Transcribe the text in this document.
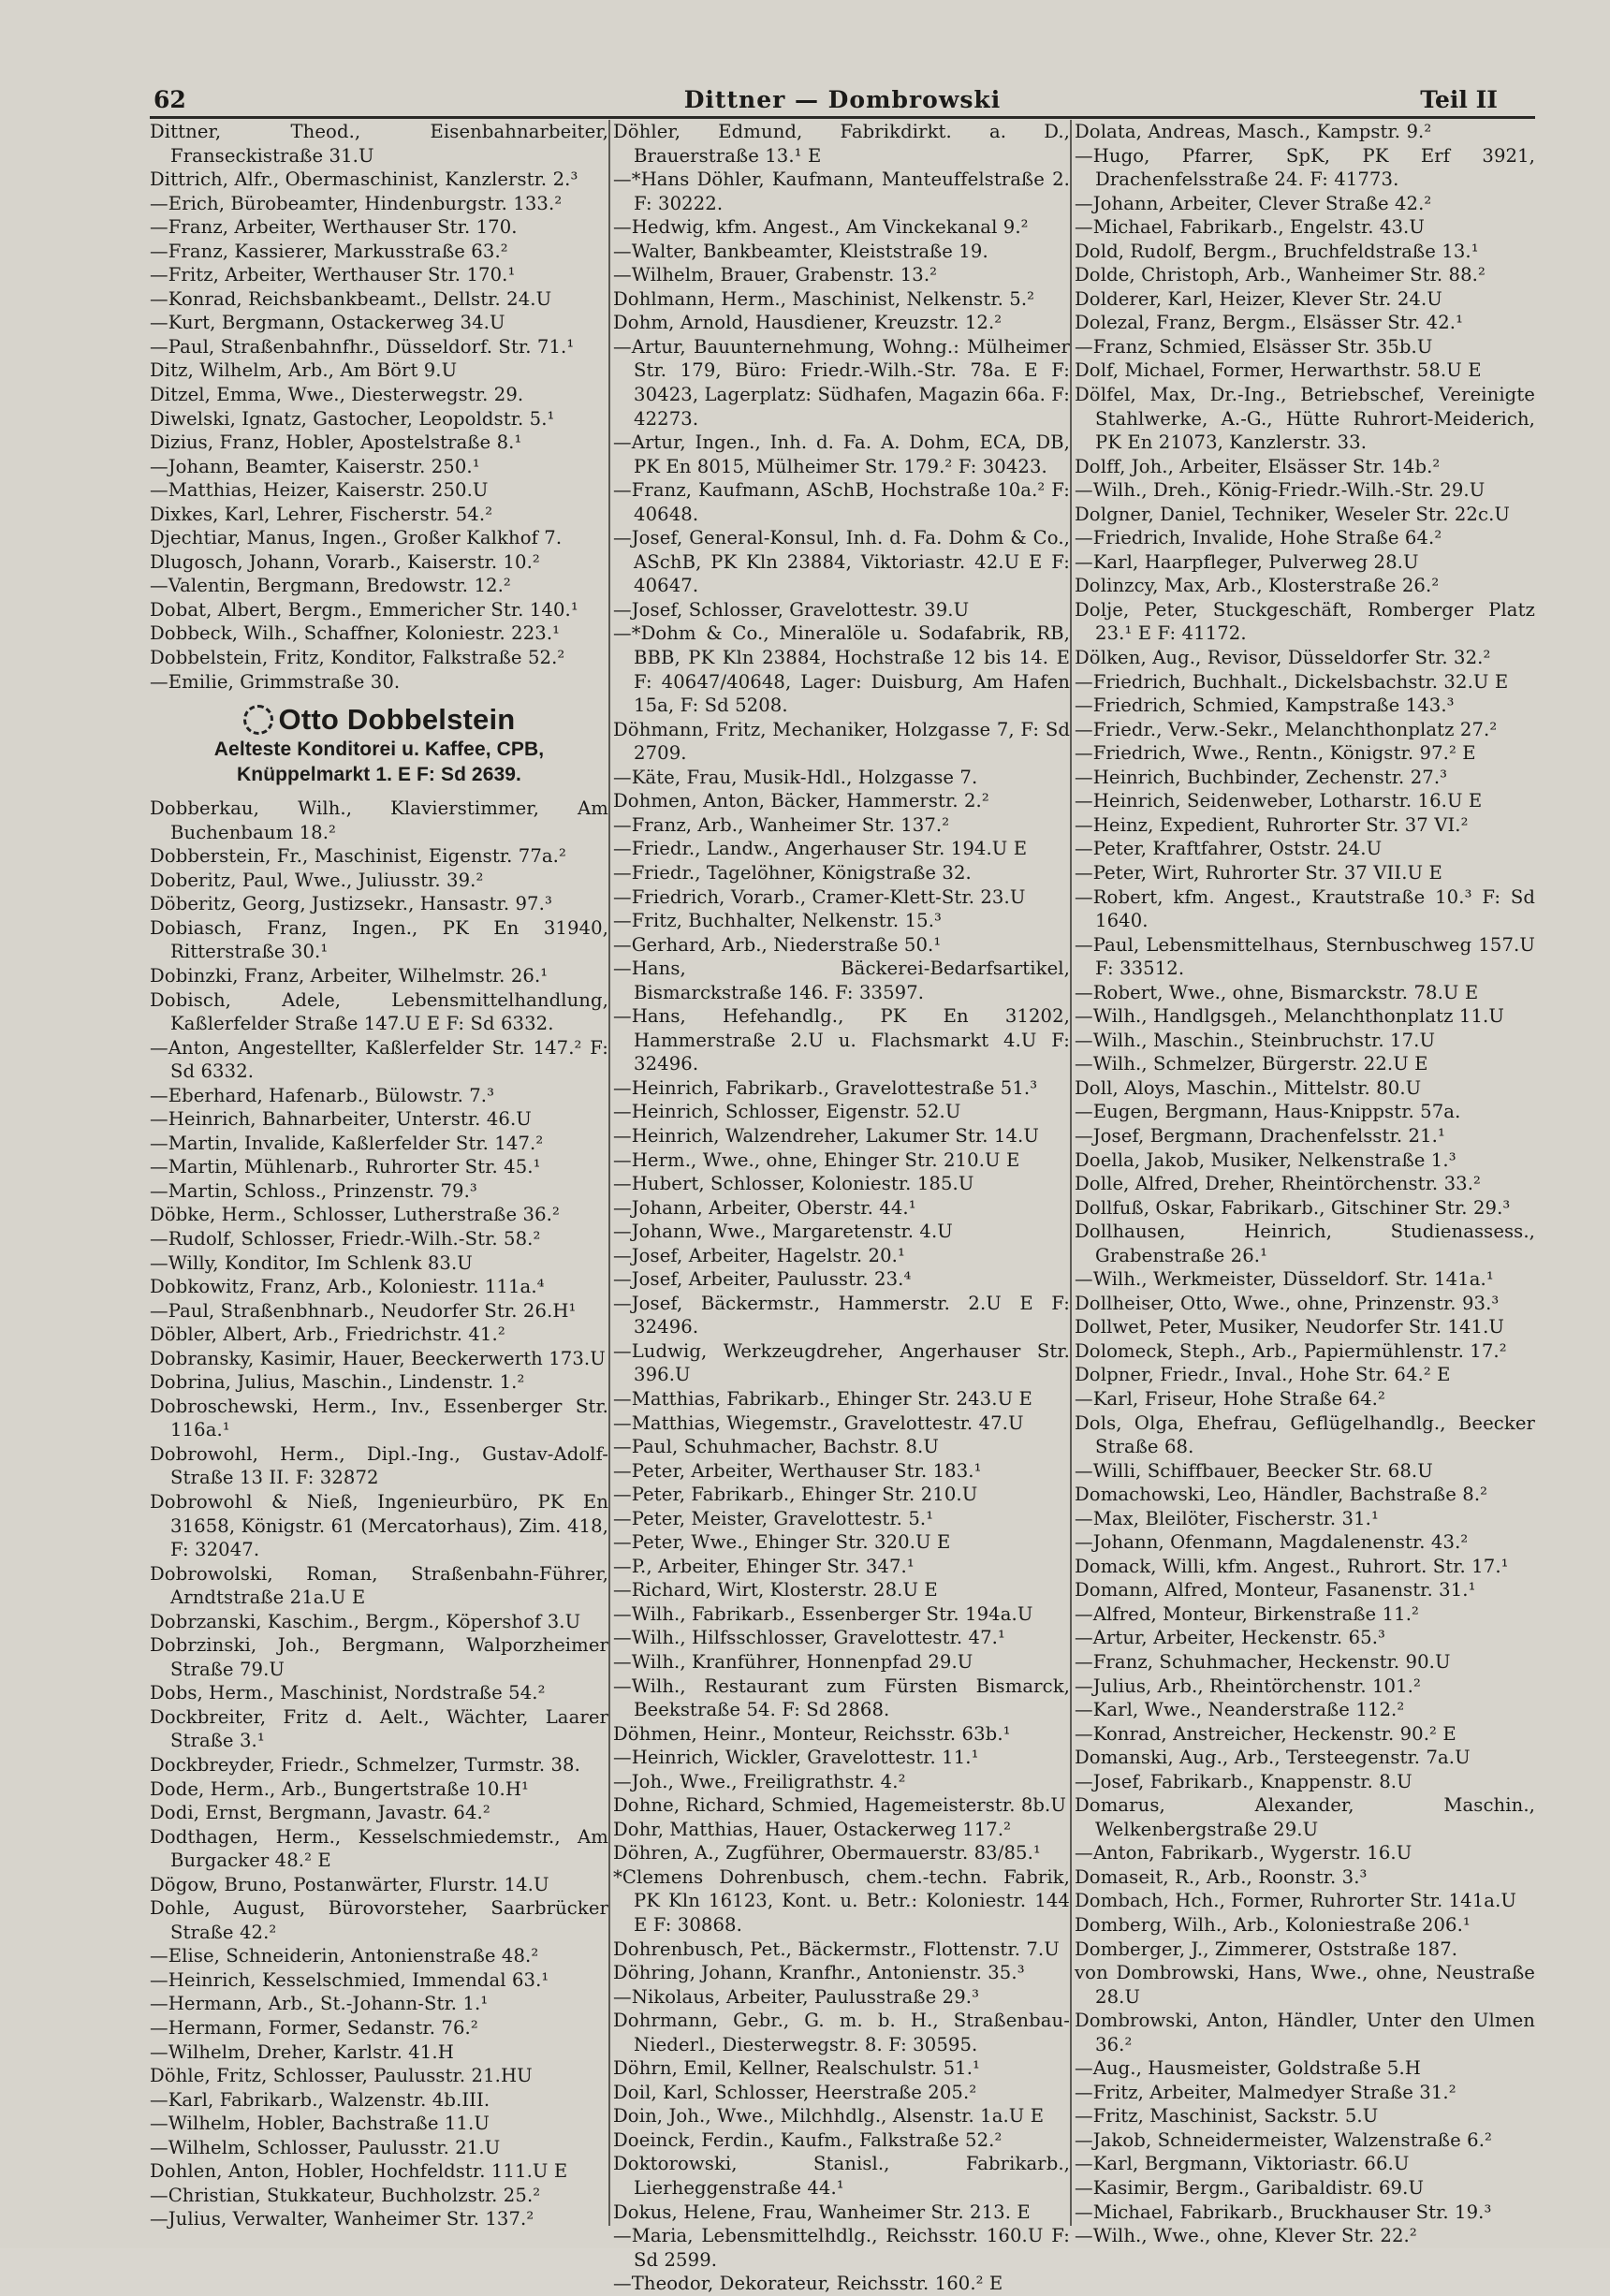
62	Dittner — Dombrowski	Teil II
Dittner, Theod., Eisenbahnarbeiter, Franseckistraße 31.U
Dittrich, Alfr., Obermaschinist, Kanzlerstr. 2.³
—Erich, Bürobeamter, Hindenburgstr. 133.²
—Franz, Arbeiter, Werthauser Str. 170.
—Franz, Kassierer, Markusstraße 63.²
—Fritz, Arbeiter, Werthauser Str. 170.¹
—Konrad, Reichsbankbeamt., Dellstr. 24.U
—Kurt, Bergmann, Ostackerweg 34.U
—Paul, Straßenbahnfhr., Düsseldorf. Str. 71.¹
Ditz, Wilhelm, Arb., Am Bört 9.U
Ditzel, Emma, Wwe., Diesterwegstr. 29.
Diwelski, Ignatz, Gastocher, Leopoldstr. 5.¹
Dizius, Franz, Hobler, Apostelstraße 8.¹
—Johann, Beamter, Kaiserstr. 250.¹
—Matthias, Heizer, Kaiserstr. 250.U
Dixkes, Karl, Lehrer, Fischerstr. 54.²
Djechtiar, Manus, Ingen., Großer Kalkhof 7.
Dlugosch, Johann, Vorarb., Kaiserstr. 10.²
—Valentin, Bergmann, Bredowstr. 12.²
Dobat, Albert, Bergm., Emmericher Str. 140.¹
Dobbeck, Wilh., Schaffner, Koloniestr. 223.¹
Dobbelstein, Fritz, Konditor, Falkstraße 52.²
—Emilie, Grimmstraße 30.
Otto Dobbelstein
Aelteste Konditorei u. Kaffee, CPB,
Knüppelmarkt 1. E F: Sd 2639.
Dobberkau, Wilh., Klavierstimmer, Am Buchenbaum 18.²
Dobberstein, Fr., Maschinist, Eigenstr. 77a.²
Doberitz, Paul, Wwe., Juliusstr. 39.²
Döberitz, Georg, Justizsekr., Hansastr. 97.³
Dobiasch, Franz, Ingen., PK En 31940, Ritterstraße 30.¹
Dobinzki, Franz, Arbeiter, Wilhelmstr. 26.¹
Dobisch, Adele, Lebensmittelhandlung, Kaßlerfelder Straße 147.U E F: Sd 6332.
—Anton, Angestellter, Kaßlerfelder Str. 147.² F: Sd 6332.
—Eberhard, Hafenarb., Bülowstr. 7.³
—Heinrich, Bahnarbeiter, Unterstr. 46.U
—Martin, Invalide, Kaßlerfelder Str. 147.²
—Martin, Mühlenarb., Ruhrorter Str. 45.¹
—Martin, Schloss., Prinzenstr. 79.³
Döbke, Herm., Schlosser, Lutherstraße 36.²
—Rudolf, Schlosser, Friedr.-Wilh.-Str. 58.²
—Willy, Konditor, Im Schlenk 83.U
Dobkowitz, Franz, Arb., Koloniestr. 111a.⁴
—Paul, Straßenbhnarb., Neudorfer Str. 26.H¹
Döbler, Albert, Arb., Friedrichstr. 41.²
Dobransky, Kasimir, Hauer, Beeckerwerth 173.U
Dobrina, Julius, Maschin., Lindenstr. 1.²
Dobroschewski, Herm., Inv., Essenberger Str. 116a.¹
Dobrowohl, Herm., Dipl.-Ing., Gustav-Adolf-Straße 13 II. F: 32872
Dobrowohl & Nieß, Ingenieurbüro, PK En 31658, Königstr. 61 (Mercatorhaus), Zim. 418, F: 32047.
Dobrowolski, Roman, Straßenbahn-Führer, Arndtstraße 21a.U E
Dobrzanski, Kaschim., Bergm., Köpershof 3.U
Dobrzinski, Joh., Bergmann, Walporzheimer Straße 79.U
Dobs, Herm., Maschinist, Nordstraße 54.²
Dockbreiter, Fritz d. Aelt., Wächter, Laarer Straße 3.¹
Dockbreyder, Friedr., Schmelzer, Turmstr. 38.
Dode, Herm., Arb., Bungertstraße 10.H¹
Dodi, Ernst, Bergmann, Javastr. 64.²
Dodthagen, Herm., Kesselschmiedemstr., Am Burgacker 48.² E
Dögow, Bruno, Postanwärter, Flurstr. 14.U
Dohle, August, Bürovorsteher, Saarbrücker Straße 42.²
—Elise, Schneiderin, Antonienstraße 48.²
—Heinrich, Kesselschmied, Immendal 63.¹
—Hermann, Arb., St.-Johann-Str. 1.¹
—Hermann, Former, Sedanstr. 76.²
—Wilhelm, Dreher, Karlstr. 41.H
Döhle, Fritz, Schlosser, Paulusstr. 21.HU
—Karl, Fabrikarb., Walzenstr. 4b.III.
—Wilhelm, Hobler, Bachstraße 11.U
—Wilhelm, Schlosser, Paulusstr. 21.U
Dohlen, Anton, Hobler, Hochfeldstr. 111.U E
—Christian, Stukkateur, Buchholzstr. 25.²
—Julius, Verwalter, Wanheimer Str. 137.²
Döhler, Edmund, Fabrikdirkt. a. D., Brauerstraße 13.¹ E
—*Hans Döhler, Kaufmann, Manteuffelstraße 2. F: 30222.
—Hedwig, kfm. Angest., Am Vinckekanal 9.²
—Walter, Bankbeamter, Kleiststraße 19.
—Wilhelm, Brauer, Grabenstr. 13.²
Dohlmann, Herm., Maschinist, Nelkenstr. 5.²
Dohm, Arnold, Hausdiener, Kreuzstr. 12.²
—Artur, Bauunternehmung, Wohng.: Mülheimer Str. 179, Büro: Friedr.-Wilh.-Str. 78a. E F: 30423, Lagerplatz: Südhafen, Magazin 66a. F: 42273.
—Artur, Ingen., Inh. d. Fa. A. Dohm, ECA, DB, PK En 8015, Mülheimer Str. 179.² F: 30423.
—Franz, Kaufmann, ASchB, Hochstraße 10a.² F: 40648.
—Josef, General-Konsul, Inh. d. Fa. Dohm & Co., ASchB, PK Kln 23884, Viktoriastr. 42.U E F: 40647.
—Josef, Schlosser, Gravelottestr. 39.U
—*Dohm & Co., Mineralöle u. Sodafabrik, RB, BBB, PK Kln 23884, Hochstraße 12 bis 14. E F: 40647/40648, Lager: Duisburg, Am Hafen 15a, F: Sd 5208.
Döhmann, Fritz, Mechaniker, Holzgasse 7, F: Sd 2709.
—Käte, Frau, Musik-Hdl., Holzgasse 7.
Dohmen, Anton, Bäcker, Hammerstr. 2.²
—Franz, Arb., Wanheimer Str. 137.²
—Friedr., Landw., Angerhauser Str. 194.U E
—Friedr., Tagelöhner, Königstraße 32.
—Friedrich, Vorarb., Cramer-Klett-Str. 23.U
—Fritz, Buchhalter, Nelkenstr. 15.³
—Gerhard, Arb., Niederstraße 50.¹
—Hans, Bäckerei-Bedarfsartikel, Bismarckstraße 146. F: 33597.
—Hans, Hefehandlg., PK En 31202, Hammerstraße 2.U u. Flachsmarkt 4.U F: 32496.
—Heinrich, Fabrikarb., Gravelottestraße 51.³
—Heinrich, Schlosser, Eigenstr. 52.U
—Heinrich, Walzendreher, Lakumer Str. 14.U
—Herm., Wwe., ohne, Ehinger Str. 210.U E
—Hubert, Schlosser, Koloniestr. 185.U
—Johann, Arbeiter, Oberstr. 44.¹
—Johann, Wwe., Margaretenstr. 4.U
—Josef, Arbeiter, Hagelstr. 20.¹
—Josef, Arbeiter, Paulusstr. 23.⁴
—Josef, Bäckermstr., Hammerstr. 2.U E F: 32496.
—Ludwig, Werkzeugdreher, Angerhauser Str. 396.U
—Matthias, Fabrikarb., Ehinger Str. 243.U E
—Matthias, Wiegemstr., Gravelottestr. 47.U
—Paul, Schuhmacher, Bachstr. 8.U
—Peter, Arbeiter, Werthauser Str. 183.¹
—Peter, Fabrikarb., Ehinger Str. 210.U
—Peter, Meister, Gravelottestr. 5.¹
—Peter, Wwe., Ehinger Str. 320.U E
—P., Arbeiter, Ehinger Str. 347.¹
—Richard, Wirt, Klosterstr. 28.U E
—Wilh., Fabrikarb., Essenberger Str. 194a.U
—Wilh., Hilfsschlosser, Gravelottestr. 47.¹
—Wilh., Kranführer, Honnenpfad 29.U
—Wilh., Restaurant zum Fürsten Bismarck, Beekstraße 54. F: Sd 2868.
Döhmen, Heinr., Monteur, Reichsstr. 63b.¹
—Heinrich, Wickler, Gravelottestr. 11.¹
—Joh., Wwe., Freiligrathstr. 4.²
Dohne, Richard, Schmied, Hagemeisterstr. 8b.U
Dohr, Matthias, Hauer, Ostackerweg 117.²
Döhren, A., Zugführer, Obermauerstr. 83/85.¹
*Clemens Dohrenbusch, chem.-techn. Fabrik, PK Kln 16123, Kont. u. Betr.: Koloniestr. 144 E F: 30868.
Dohrenbusch, Pet., Bäckermstr., Flottenstr. 7.U
Döhring, Johann, Kranfhr., Antonienstr. 35.³
—Nikolaus, Arbeiter, Paulusstraße 29.³
Dohrmann, Gebr., G. m. b. H., Straßenbau-Niederl., Diesterwegstr. 8. F: 30595.
Döhrn, Emil, Kellner, Realschulstr. 51.¹
Doil, Karl, Schlosser, Heerstraße 205.²
Doin, Joh., Wwe., Milchhdlg., Alsenstr. 1a.U E
Doeinck, Ferdin., Kaufm., Falkstraße 52.²
Doktorowski, Stanisl., Fabrikarb., Lierheggenstraße 44.¹
Dokus, Helene, Frau, Wanheimer Str. 213. E
—Maria, Lebensmittelhdlg., Reichsstr. 160.U F: Sd 2599.
—Theodor, Dekorateur, Reichsstr. 160.² E
Dolata, Andreas, Masch., Kampstr. 9.²
—Hugo, Pfarrer, SpK, PK Erf 3921, Drachenfelsstraße 24. F: 41773.
—Johann, Arbeiter, Clever Straße 42.²
—Michael, Fabrikarb., Engelstr. 43.U
Dold, Rudolf, Bergm., Bruchfeldstraße 13.¹
Dolde, Christoph, Arb., Wanheimer Str. 88.²
Dolderer, Karl, Heizer, Klever Str. 24.U
Dolezal, Franz, Bergm., Elsässer Str. 42.¹
—Franz, Schmied, Elsässer Str. 35b.U
Dolf, Michael, Former, Herwarthstr. 58.U E
Dölfel, Max, Dr.-Ing., Betriebschef, Vereinigte Stahlwerke, A.-G., Hütte Ruhrort-Meiderich, PK En 21073, Kanzlerstr. 33.
Dolff, Joh., Arbeiter, Elsässer Str. 14b.²
—Wilh., Dreh., König-Friedr.-Wilh.-Str. 29.U
Dolgner, Daniel, Techniker, Weseler Str. 22c.U
—Friedrich, Invalide, Hohe Straße 64.²
—Karl, Haarpfleger, Pulverweg 28.U
Dolinzcy, Max, Arb., Klosterstraße 26.²
Dolje, Peter, Stuckgeschäft, Romberger Platz 23.¹ E F: 41172.
Dölken, Aug., Revisor, Düsseldorfer Str. 32.²
—Friedrich, Buchhalt., Dickelsbachstr. 32.U E
—Friedrich, Schmied, Kampstraße 143.³
—Friedr., Verw.-Sekr., Melanchthonplatz 27.²
—Friedrich, Wwe., Rentn., Königstr. 97.² E
—Heinrich, Buchbinder, Zechenstr. 27.³
—Heinrich, Seidenweber, Lotharstr. 16.U E
—Heinz, Expedient, Ruhrorter Str. 37 VI.²
—Peter, Kraftfahrer, Oststr. 24.U
—Peter, Wirt, Ruhrorter Str. 37 VII.U E
—Robert, kfm. Angest., Krautstraße 10.³ F: Sd 1640.
—Paul, Lebensmittelhaus, Sternbuschweg 157.U F: 33512.
—Robert, Wwe., ohne, Bismarckstr. 78.U E
—Wilh., Handlgsgeh., Melanchthonplatz 11.U
—Wilh., Maschin., Steinbruchstr. 17.U
—Wilh., Schmelzer, Bürgerstr. 22.U E
Doll, Aloys, Maschin., Mittelstr. 80.U
—Eugen, Bergmann, Haus-Knippstr. 57a.
—Josef, Bergmann, Drachenfelsstr. 21.¹
Doella, Jakob, Musiker, Nelkenstraße 1.³
Dolle, Alfred, Dreher, Rheintörchenstr. 33.²
Dollfuß, Oskar, Fabrikarb., Gitschiner Str. 29.³
Dollhausen, Heinrich, Studienassess., Grabenstraße 26.¹
—Wilh., Werkmeister, Düsseldorf. Str. 141a.¹
Dollheiser, Otto, Wwe., ohne, Prinzenstr. 93.³
Dollwet, Peter, Musiker, Neudorfer Str. 141.U
Dolomeck, Steph., Arb., Papiermühlenstr. 17.²
Dolpner, Friedr., Inval., Hohe Str. 64.² E
—Karl, Friseur, Hohe Straße 64.²
Dols, Olga, Ehefrau, Geflügelhandlg., Beecker Straße 68.
—Willi, Schiffbauer, Beecker Str. 68.U
Domachowski, Leo, Händler, Bachstraße 8.²
—Max, Bleilöter, Fischerstr. 31.¹
—Johann, Ofenmann, Magdalenenstr. 43.²
Domack, Willi, kfm. Angest., Ruhrort. Str. 17.¹
Domann, Alfred, Monteur, Fasanenstr. 31.¹
—Alfred, Monteur, Birkenstraße 11.²
—Artur, Arbeiter, Heckenstr. 65.³
—Franz, Schuhmacher, Heckenstr. 90.U
—Julius, Arb., Rheintörchenstr. 101.²
—Karl, Wwe., Neanderstraße 112.²
—Konrad, Anstreicher, Heckenstr. 90.² E
Domanski, Aug., Arb., Tersteegenstr. 7a.U
—Josef, Fabrikarb., Knappenstr. 8.U
Domarus, Alexander, Maschin., Welkenbergstraße 29.U
—Anton, Fabrikarb., Wygerstr. 16.U
Domaseit, R., Arb., Roonstr. 3.³
Dombach, Hch., Former, Ruhrorter Str. 141a.U
Domberg, Wilh., Arb., Koloniestraße 206.¹
Domberger, J., Zimmerer, Oststraße 187.
von Dombrowski, Hans, Wwe., ohne, Neustraße 28.U
Dombrowski, Anton, Händler, Unter den Ulmen 36.²
—Aug., Hausmeister, Goldstraße 5.H
—Fritz, Arbeiter, Malmedyer Straße 31.²
—Fritz, Maschinist, Sackstr. 5.U
—Jakob, Schneidermeister, Walzenstraße 6.²
—Karl, Bergmann, Viktoriastr. 66.U
—Kasimir, Bergm., Garibaldistr. 69.U
—Michael, Fabrikarb., Bruckhauser Str. 19.³
—Wilh., Wwe., ohne, Klever Str. 22.²
